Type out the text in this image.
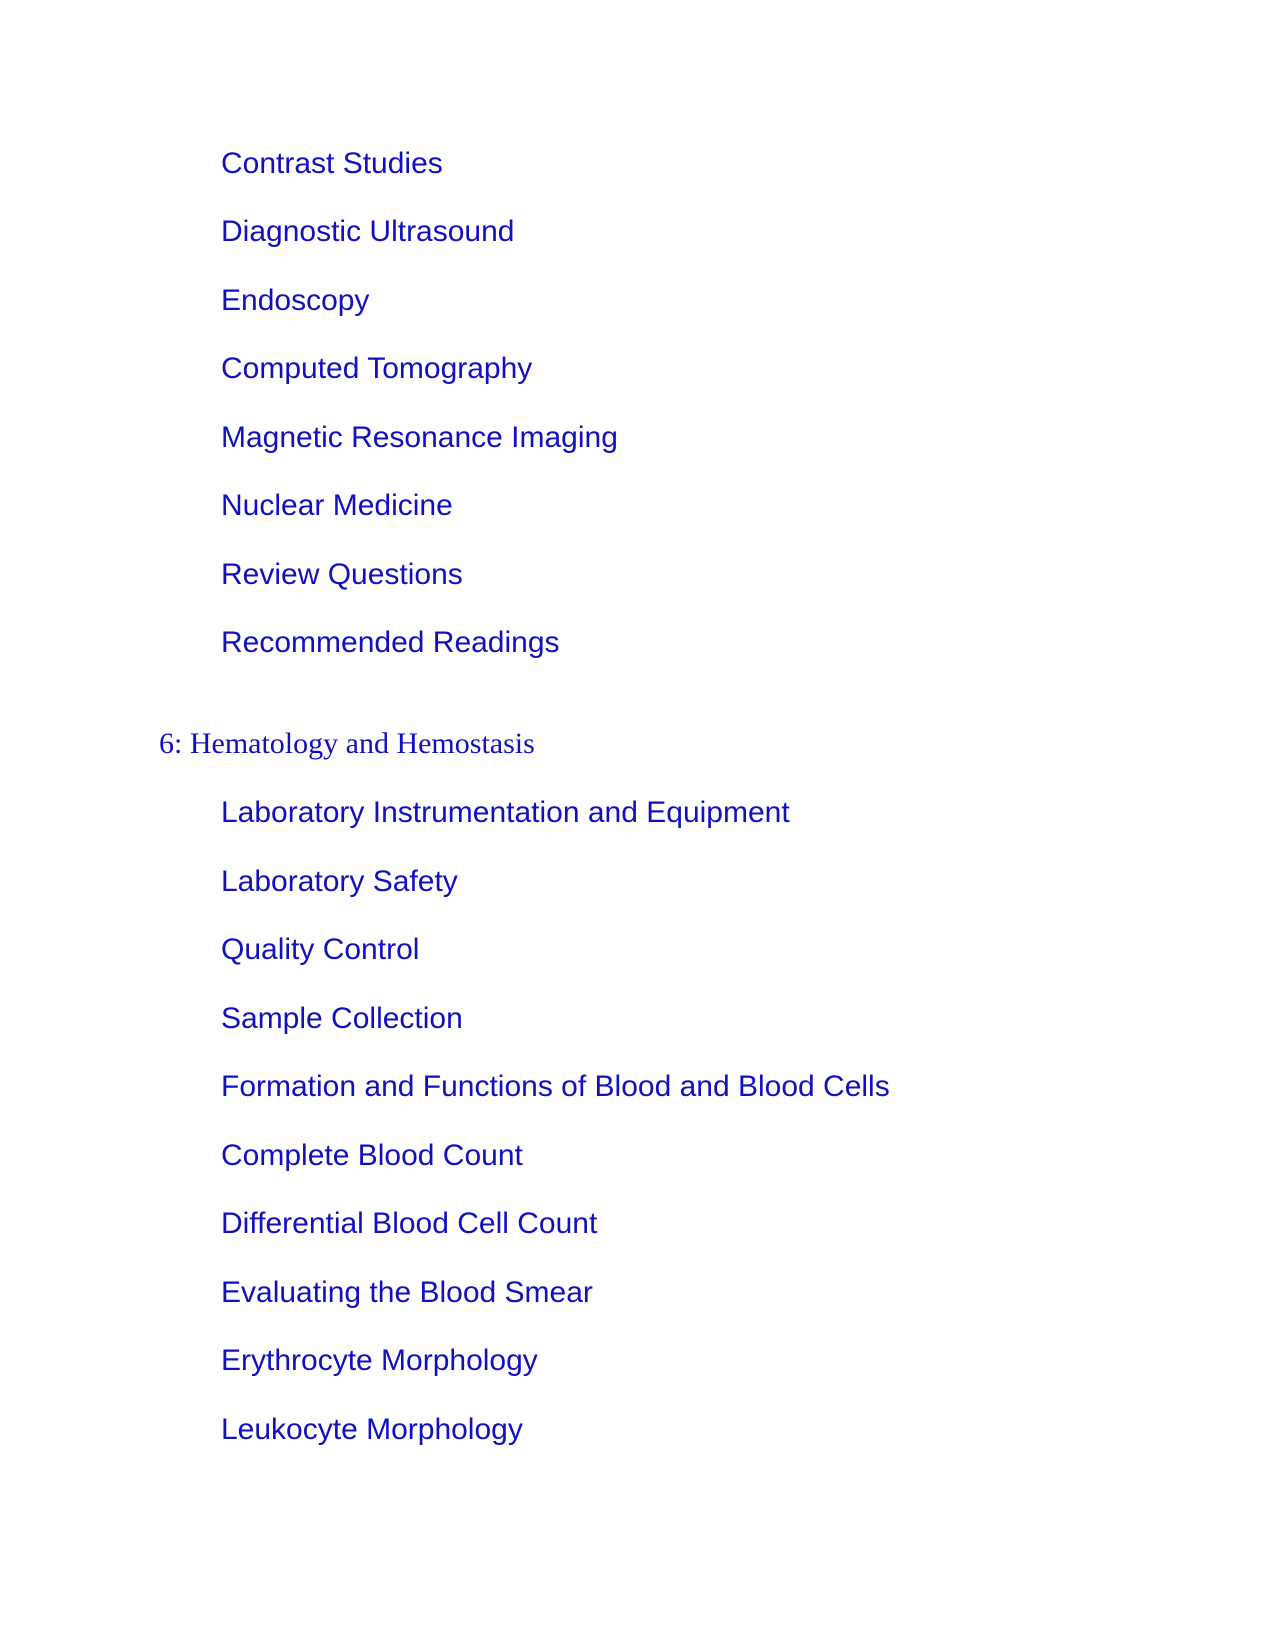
Contrast Studies
Diagnostic Ultrasound
Endoscopy
Computed Tomography
Magnetic Resonance Imaging
Nuclear Medicine
Review Questions
Recommended Readings
6: Hematology and Hemostasis
Laboratory Instrumentation and Equipment
Laboratory Safety
Quality Control
Sample Collection
Formation and Functions of Blood and Blood Cells
Complete Blood Count
Differential Blood Cell Count
Evaluating the Blood Smear
Erythrocyte Morphology
Leukocyte Morphology
